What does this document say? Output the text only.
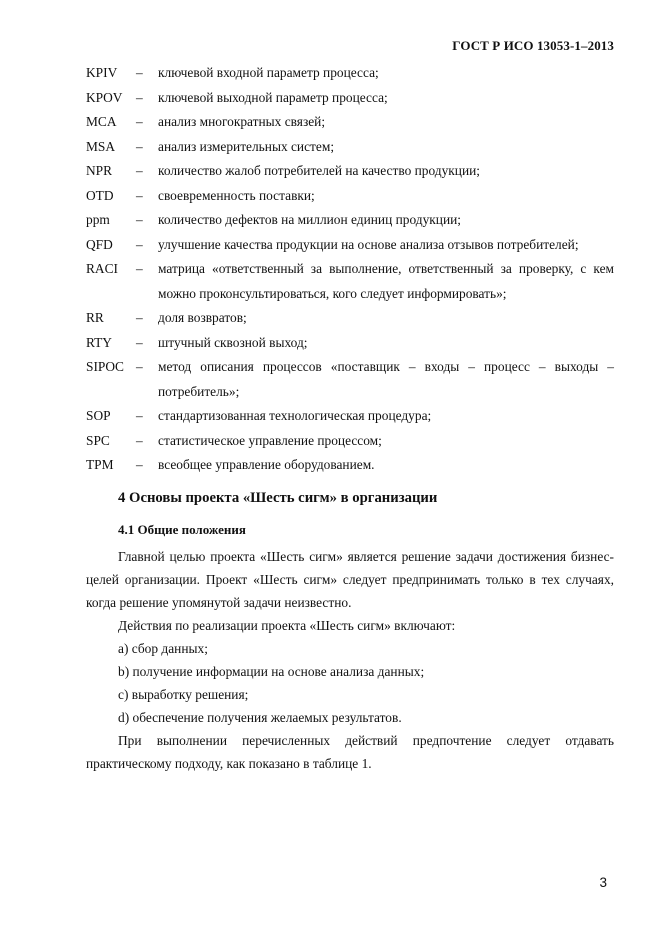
ГОСТ Р ИСО 13053-1–2013
KPIV	–	ключевой входной параметр процесса;
KPOV	–	ключевой выходной параметр процесса;
MCA	–	анализ многократных связей;
MSA	–	анализ измерительных систем;
NPR	–	количество жалоб потребителей на качество продукции;
OTD	–	своевременность поставки;
ppm	–	количество дефектов на миллион единиц продукции;
QFD	–	улучшение качества продукции на основе анализа отзывов потребителей;
RACI	–	матрица «ответственный за выполнение, ответственный за проверку, с кем можно проконсультироваться, кого следует информировать»;
RR	–	доля возвратов;
RTY	–	штучный сквозной выход;
SIPOC –	метод описания процессов «поставщик – входы – процесс – выходы – потребитель»;
SOP	–	стандартизованная технологическая процедура;
SPC	–	статистическое управление процессом;
TPM	–	всеобщее управление оборудованием.
4 Основы проекта «Шесть сигм» в организации
4.1 Общие положения

Главной целью проекта «Шесть сигм» является решение задачи достижения бизнес-целей организации. Проект «Шесть сигм» следует предпринимать только в тех случаях, когда решение упомянутой задачи неизвестно.

Действия по реализации проекта «Шесть сигм» включают:

a) сбор данных;

b) получение информации на основе анализа данных;

c) выработку решения;

d) обеспечение получения желаемых результатов.

При выполнении перечисленных действий предпочтение следует отдавать практическому подходу, как показано в таблице 1.

3
